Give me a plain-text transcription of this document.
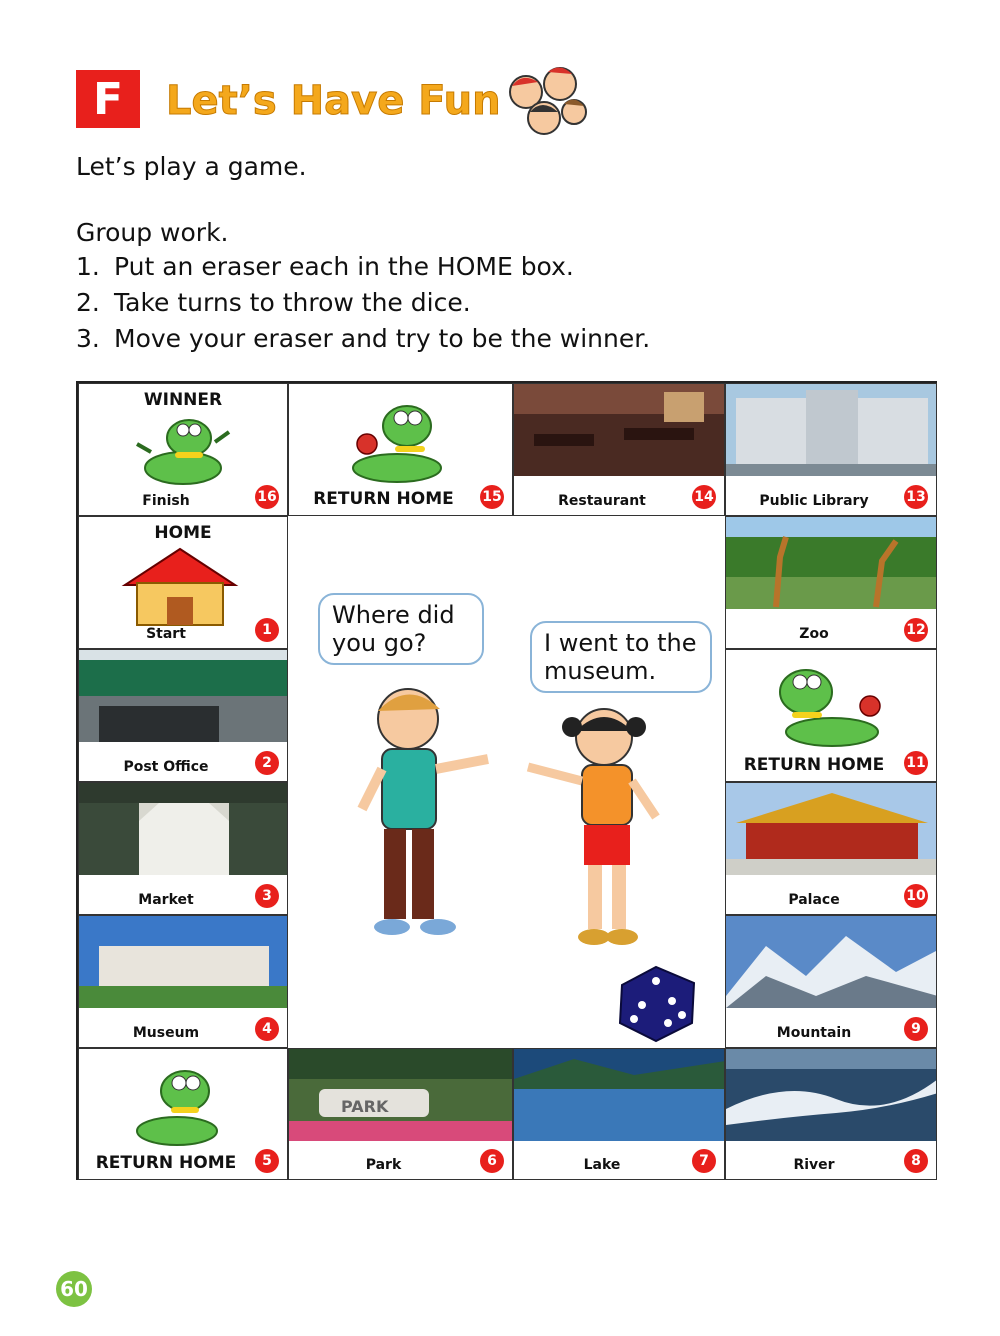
F	Let’s Have Fun
Let’s play a game.
Group work.
1. Put an eraser each in the HOME box.
2. Take turns to throw the dice.
3. Move your eraser and try to be the winner.
WINNER
Finish	16	RETURN HOME	15	Restaurant	14	Public Library	13
HOME
Start	1
Post Office	2
Market	3
Museum	4
Zoo	12
RETURN HOME	11
Palace	10
Mountain	9
RETURN HOME	5
PARK
Park	6	Lake	7	River	8
Where did you go?	I went to the museum.
60
